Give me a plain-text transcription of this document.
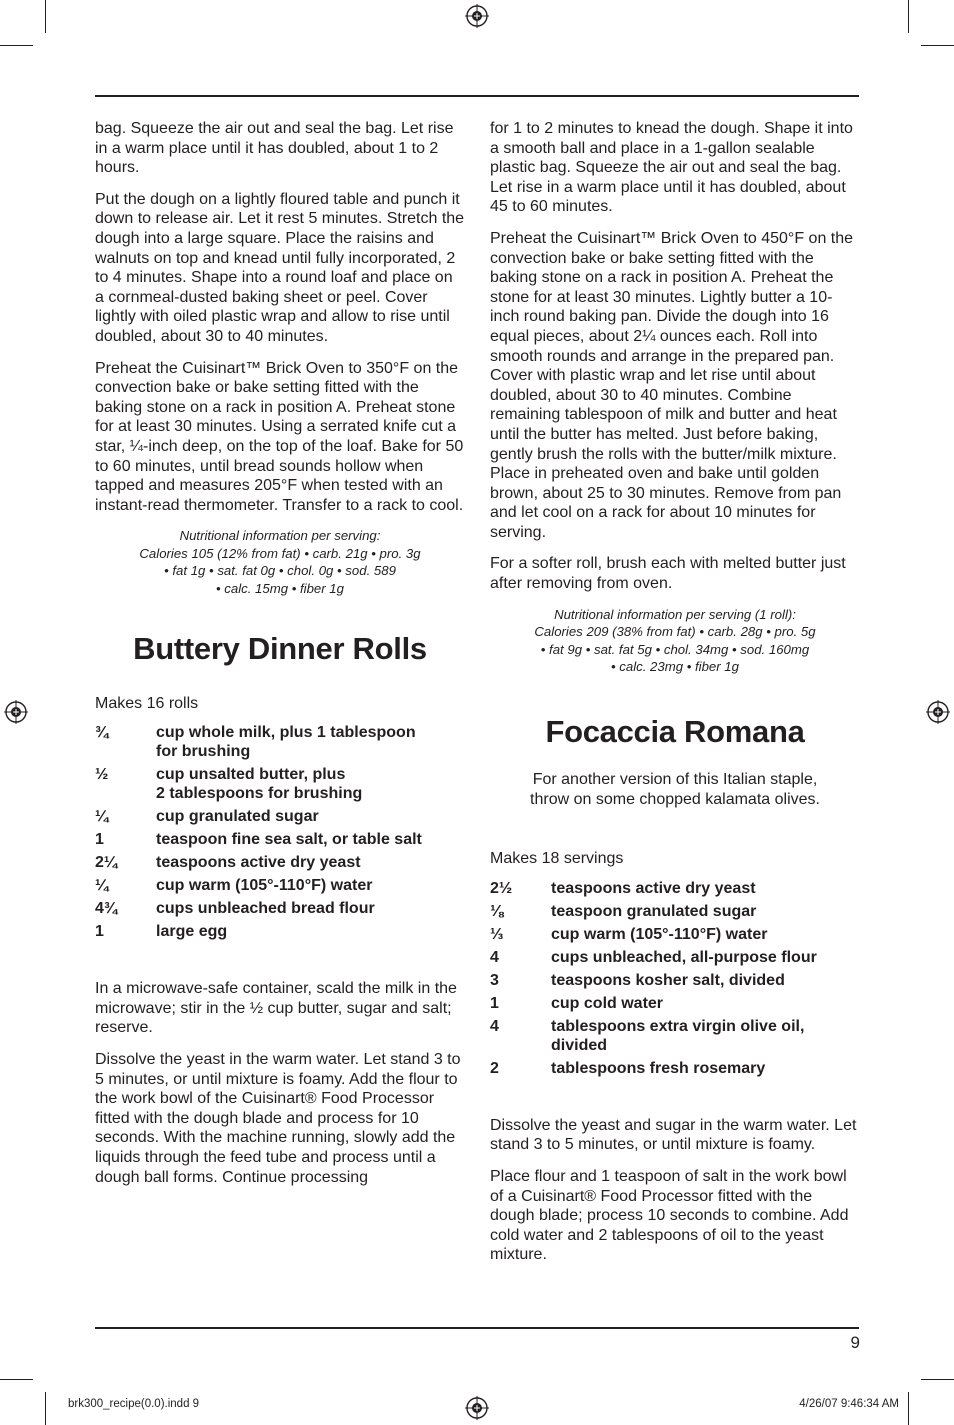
bag. Squeeze the air out and seal the bag. Let rise in a warm place until it has doubled, about 1 to 2 hours.

Put the dough on a lightly floured table and punch it down to release air. Let it rest 5 minutes. Stretch the dough into a large square. Place the raisins and walnuts on top and knead until fully incorporated, 2 to 4 minutes. Shape into a round loaf and place on a cornmeal-dusted baking sheet or peel. Cover lightly with oiled plastic wrap and allow to rise until doubled, about 30 to 40 minutes.

Preheat the Cuisinart™ Brick Oven to 350°F on the convection bake or bake setting fitted with the baking stone on a rack in position A. Preheat stone for at least 30 minutes. Using a serrated knife cut a star, ¼-inch deep, on the top of the loaf. Bake for 50 to 60 minutes, until bread sounds hollow when tapped and measures 205°F when tested with an instant-read thermometer. Transfer to a rack to cool.

Nutritional information per serving:
Calories 105 (12% from fat) • carb. 21g • pro. 3g
• fat 1g • sat. fat 0g • chol. 0g • sod. 589
• calc. 15mg • fiber 1g
Buttery Dinner Rolls

Makes 16 rolls

¾	cup whole milk, plus 1 tablespoon
for brushing
½	cup unsalted butter, plus
2 tablespoons for brushing
¼	cup granulated sugar
1	teaspoon fine sea salt, or table salt
2¼	teaspoons active dry yeast
¼	cup warm (105°-110°F) water
4¾	cups unbleached bread flour
1	large egg

In a microwave-safe container, scald the milk in the microwave; stir in the ½ cup butter, sugar and salt; reserve.

Dissolve the yeast in the warm water. Let stand 3 to 5 minutes, or until mixture is foamy. Add the flour to the work bowl of the Cuisinart® Food Processor fitted with the dough blade and process for 10 seconds. With the machine running, slowly add the liquids through the feed tube and process until a dough ball forms. Continue processing

for 1 to 2 minutes to knead the dough. Shape it into a smooth ball and place in a 1-gallon sealable plastic bag. Squeeze the air out and seal the bag. Let rise in a warm place until it has doubled, about 45 to 60 minutes.

Preheat the Cuisinart™ Brick Oven to 450°F on the convection bake or bake setting fitted with the baking stone on a rack in position A. Preheat the stone for at least 30 minutes. Lightly butter a 10-inch round baking pan. Divide the dough into 16 equal pieces, about 2¼ ounces each. Roll into smooth rounds and arrange in the prepared pan. Cover with plastic wrap and let rise until about doubled, about 30 to 40 minutes. Combine remaining tablespoon of milk and butter and heat until the butter has melted. Just before baking, gently brush the rolls with the butter/milk mixture. Place in preheated oven and bake until golden brown, about 25 to 30 minutes. Remove from pan and let cool on a rack for about 10 minutes for serving.

For a softer roll, brush each with melted butter just after removing from oven.

Nutritional information per serving (1 roll):
Calories 209 (38% from fat) • carb. 28g • pro. 5g
• fat 9g • sat. fat 5g • chol. 34mg • sod. 160mg
• calc. 23mg • fiber 1g
Focaccia Romana

For another version of this Italian staple,

throw on some chopped kalamata olives.

Makes 18 servings

2½	teaspoons active dry yeast
⅛	teaspoon granulated sugar
⅓	cup warm (105°-110°F) water
4	cups unbleached, all-purpose flour
3	teaspoons kosher salt, divided
1	cup cold water
4	tablespoons extra virgin olive oil,
divided
2	tablespoons fresh rosemary

Dissolve the yeast and sugar in the warm water. Let stand 3 to 5 minutes, or until mixture is foamy.

Place flour and 1 teaspoon of salt in the work bowl of a Cuisinart® Food Processor fitted with the dough blade; process 10 seconds to combine. Add cold water and 2 tablespoons of oil to the yeast mixture.

9
brk300_recipe(0.0).indd 9	4/26/07 9:46:34 AM
